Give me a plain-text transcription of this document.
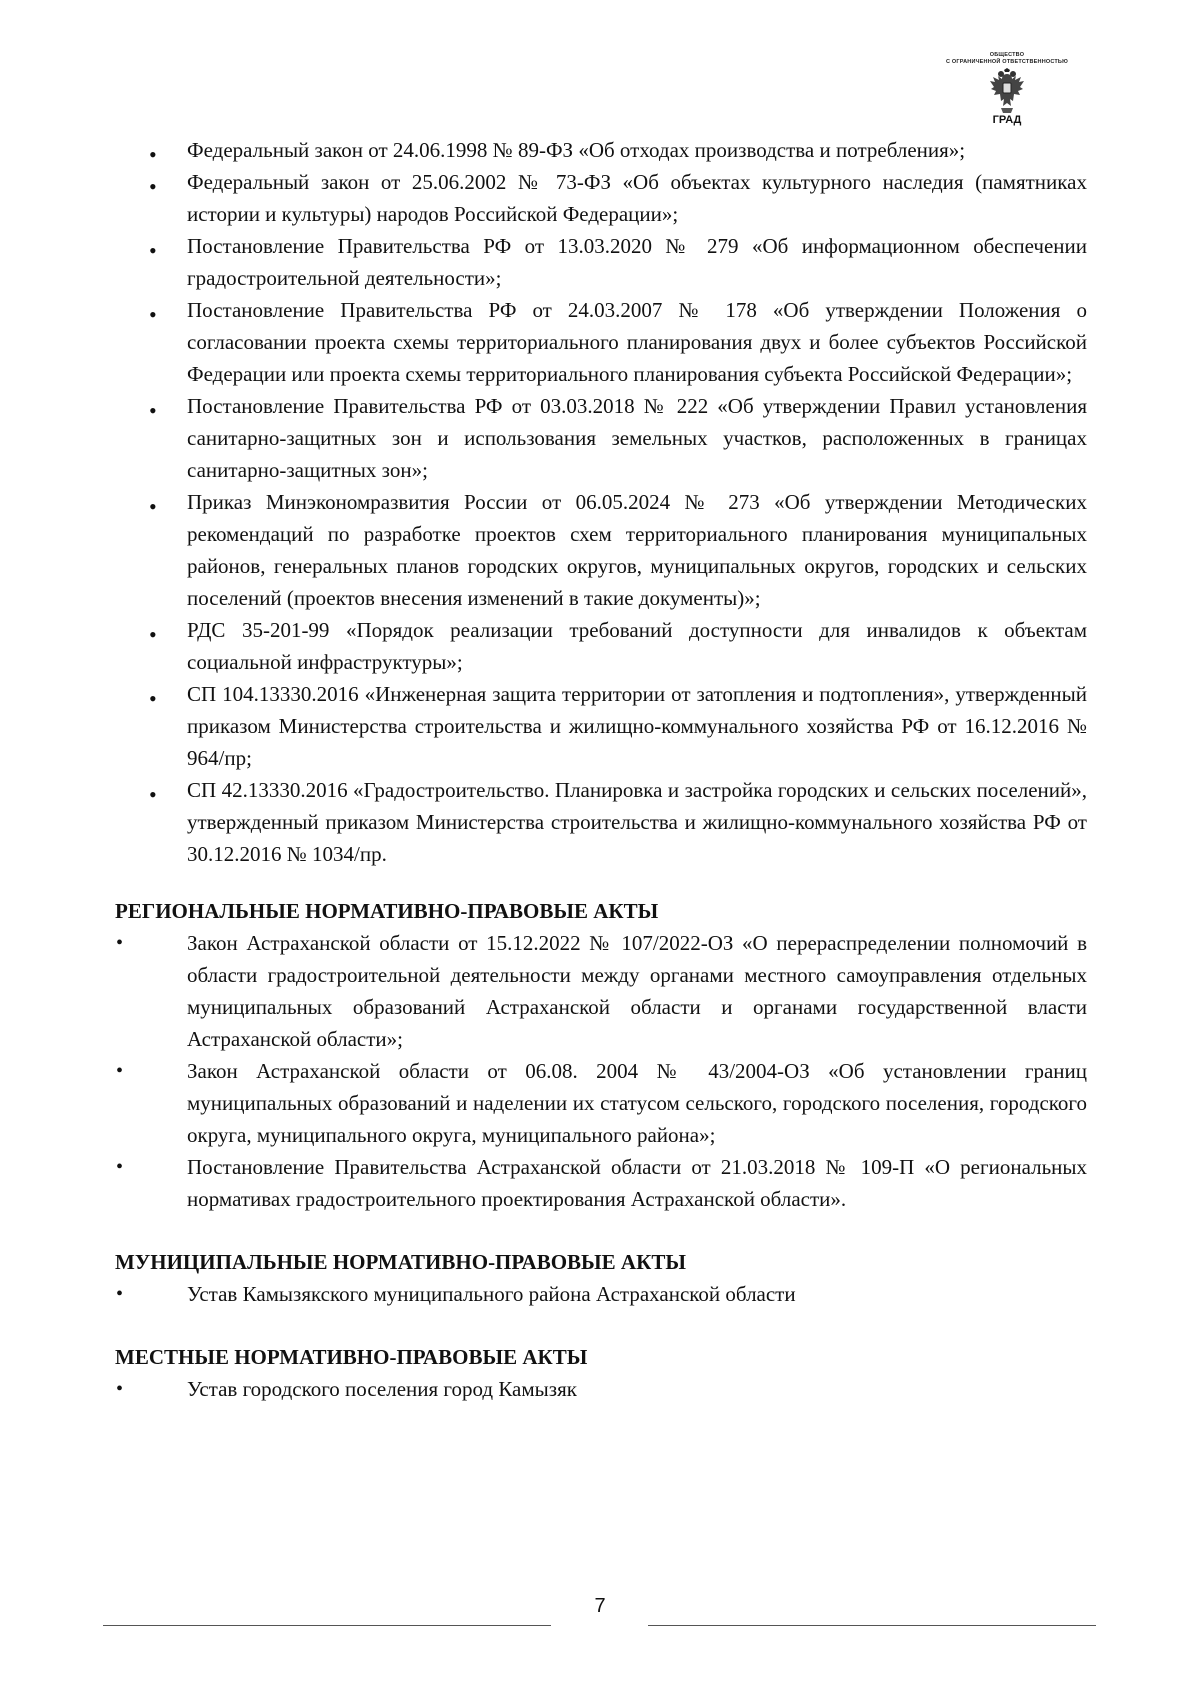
ОБЩЕСТВО
С ОГРАНИЧЕННОЙ ОТВЕТСТВЕННОСТЬЮ
ГРАД
• Федеральный закон от 24.06.1998 № 89-ФЗ «Об отходах производства и потребления»;
• Федеральный закон от 25.06.2002 № 73-ФЗ «Об объектах культурного наследия (памятниках истории и культуры) народов Российской Федерации»;
• Постановление Правительства РФ от 13.03.2020 № 279 «Об информационном обеспечении градостроительной деятельности»;
• Постановление Правительства РФ от 24.03.2007 № 178 «Об утверждении Положения о согласовании проекта схемы территориального планирования двух и более субъектов Российской Федерации или проекта схемы территориального планирования субъекта Российской Федерации»;
• Постановление Правительства РФ от 03.03.2018 № 222 «Об утверждении Правил установления санитарно-защитных зон и использования земельных участков, расположенных в границах санитарно-защитных зон»;
• Приказ Минэкономразвития России от 06.05.2024 № 273 «Об утверждении Методических рекомендаций по разработке проектов схем территориального планирования муниципальных районов, генеральных планов городских округов, муниципальных округов, городских и сельских поселений (проектов внесения изменений в такие документы)»;
• РДС 35-201-99 «Порядок реализации требований доступности для инвалидов к объектам социальной инфраструктуры»;
• СП 104.13330.2016 «Инженерная защита территории от затопления и подтопления», утвержденный приказом Министерства строительства и жилищно-коммунального хозяйства РФ от 16.12.2016 № 964/пр;
• СП 42.13330.2016 «Градостроительство. Планировка и застройка городских и сельских поселений», утвержденный приказом Министерства строительства и жилищно-коммунального хозяйства РФ от 30.12.2016 № 1034/пр.
РЕГИОНАЛЬНЫЕ НОРМАТИВНО-ПРАВОВЫЕ АКТЫ
•	Закон Астраханской области от 15.12.2022 № 107/2022-ОЗ «О перераспределении полномочий в области градостроительной деятельности между органами местного самоуправления отдельных муниципальных образований Астраханской области и органами государственной власти Астраханской области»;
•	Закон Астраханской области от 06.08. 2004 № 43/2004-ОЗ «Об установлении границ муниципальных образований и наделении их статусом сельского, городского поселения, городского округа, муниципального округа, муниципального района»;
•	Постановление Правительства Астраханской области от 21.03.2018 № 109-П «О региональных нормативах градостроительного проектирования Астраханской области».
МУНИЦИПАЛЬНЫЕ НОРМАТИВНО-ПРАВОВЫЕ АКТЫ
•	Устав Камызякского муниципального района Астраханской области
МЕСТНЫЕ НОРМАТИВНО-ПРАВОВЫЕ АКТЫ
•	Устав городского поселения город Камызяк
7
